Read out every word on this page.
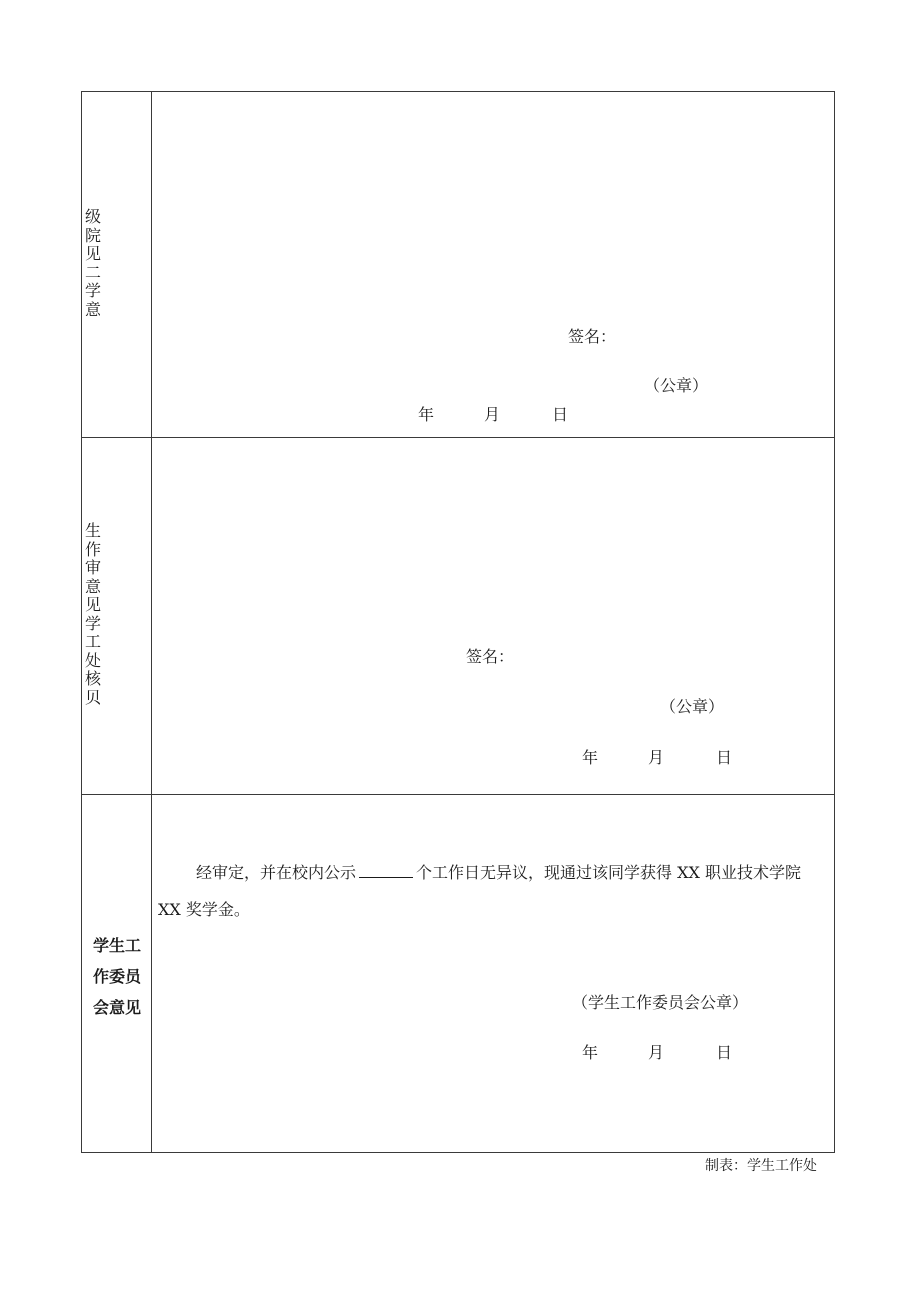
级院见二学意
签名：
（公章）
年	月	日
生作审意见学工处核贝
签名：
（公章）
年	月	日
学生工作委员会意见
经审定，并在校内公示	个工作日无异议，现通过该同学获得 XX 职业技术学院 XX 奖学金。
（学生工作委员会公章）
年	月	日
制表：学生工作处
